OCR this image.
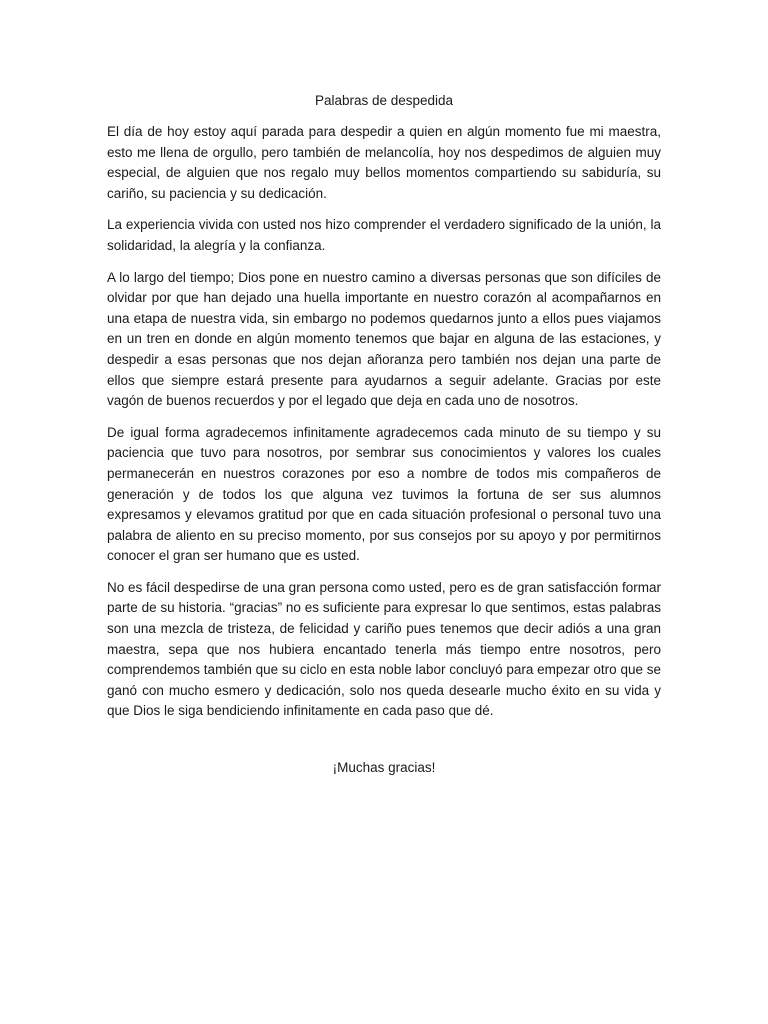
Palabras de despedida

El día de hoy estoy aquí parada para despedir a quien en algún momento fue mi maestra, esto me llena de orgullo, pero también de melancolía, hoy nos despedimos de alguien muy especial, de alguien que nos regalo muy bellos momentos compartiendo su sabiduría, su cariño, su paciencia y su dedicación.

La experiencia vivida con usted nos hizo comprender el verdadero significado de la unión, la solidaridad, la alegría y la confianza.

A lo largo del tiempo; Dios pone en nuestro camino a diversas personas que son difíciles de olvidar por que han dejado una huella importante en nuestro corazón al acompañarnos en una etapa de nuestra vida, sin embargo no podemos quedarnos junto a ellos pues viajamos en un tren en donde en algún momento tenemos que bajar en alguna de las estaciones, y despedir a esas personas que nos dejan añoranza pero también nos dejan una parte de ellos que siempre estará presente para ayudarnos a seguir adelante. Gracias por este vagón de buenos recuerdos y por el legado que deja en cada uno de nosotros.

De igual forma agradecemos infinitamente agradecemos cada minuto de su tiempo y su paciencia que tuvo para nosotros, por sembrar sus conocimientos y valores los cuales permanecerán en nuestros corazones por eso a nombre de todos mis compañeros de generación y de todos los que alguna vez tuvimos la fortuna de ser sus alumnos expresamos y elevamos gratitud por que en cada situación profesional o personal tuvo una palabra de aliento en su preciso momento, por sus consejos por su apoyo y por permitirnos conocer el gran ser humano que es usted.

No es fácil despedirse de una gran persona como usted, pero es de gran satisfacción formar parte de su historia. “gracias” no es suficiente para expresar lo que sentimos, estas palabras son una mezcla de tristeza, de felicidad y cariño pues tenemos que decir adiós a una gran maestra, sepa que nos hubiera encantado tenerla más tiempo entre nosotros, pero comprendemos también que su ciclo en esta noble labor concluyó para empezar otro que se ganó con mucho esmero y dedicación, solo nos queda desearle mucho éxito en su vida y que Dios le siga bendiciendo infinitamente en cada paso que dé.

¡Muchas gracias!
